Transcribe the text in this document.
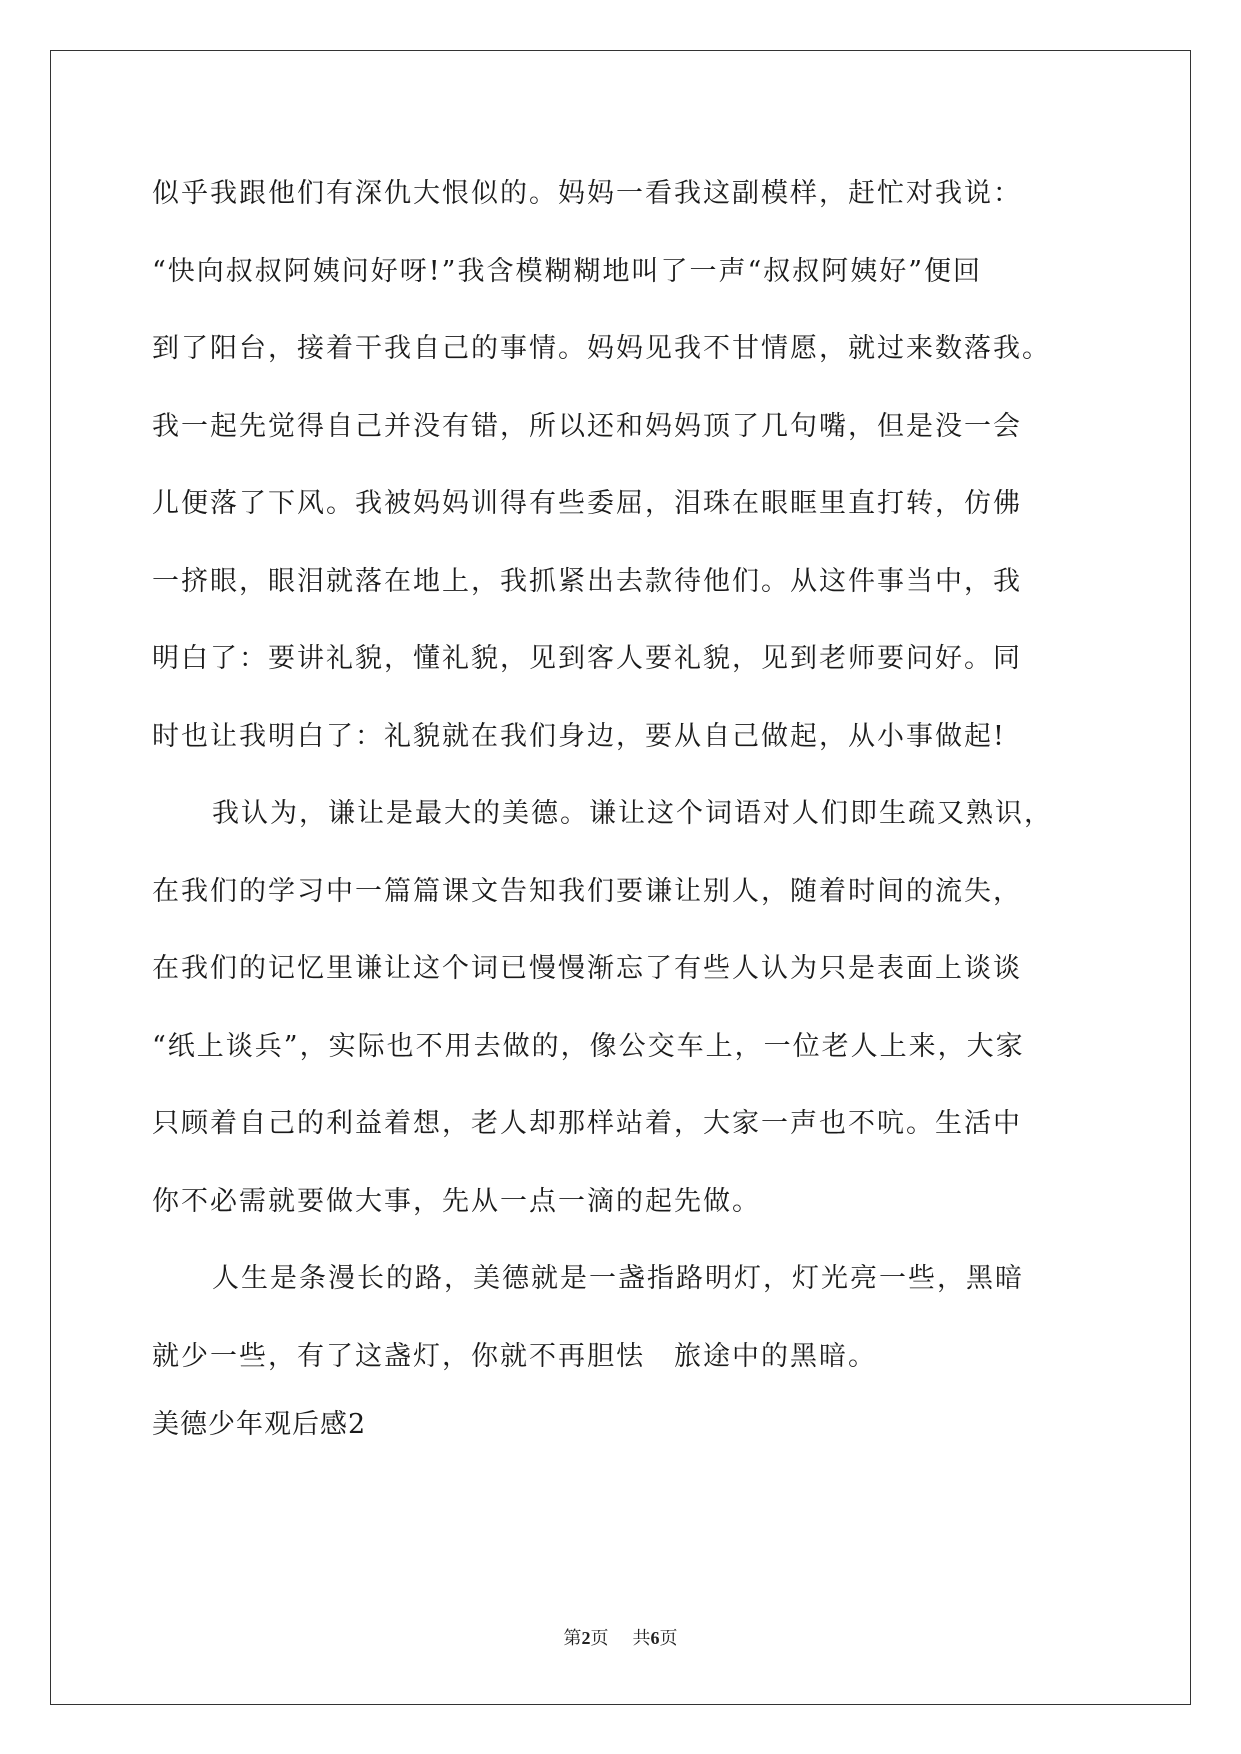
似乎我跟他们有深仇大恨似的。妈妈一看我这副模样，赶忙对我说：
“快向叔叔阿姨问好呀!”我含模糊糊地叫了一声“叔叔阿姨好”便回
到了阳台，接着干我自己的事情。妈妈见我不甘情愿，就过来数落我。
我一起先觉得自己并没有错，所以还和妈妈顶了几句嘴，但是没一会
儿便落了下风。我被妈妈训得有些委屈，泪珠在眼眶里直打转，仿佛
一挤眼，眼泪就落在地上，我抓紧出去款待他们。从这件事当中，我
明白了：要讲礼貌，懂礼貌，见到客人要礼貌，见到老师要问好。同
时也让我明白了：礼貌就在我们身边，要从自己做起，从小事做起!

我认为，谦让是最大的美德。谦让这个词语对人们即生疏又熟识，
在我们的学习中一篇篇课文告知我们要谦让别人，随着时间的流失，
在我们的记忆里谦让这个词已慢慢渐忘了有些人认为只是表面上谈谈
“纸上谈兵”，实际也不用去做的，像公交车上，一位老人上来，大家
只顾着自己的利益着想，老人却那样站着，大家一声也不吭。生活中
你不必需就要做大事，先从一点一滴的起先做。

人生是条漫长的路，美德就是一盏指路明灯，灯光亮一些，黑暗
就少一些，有了这盏灯，你就不再胆怯　旅途中的黑暗。

美德少年观后感2
第2页 共6页
